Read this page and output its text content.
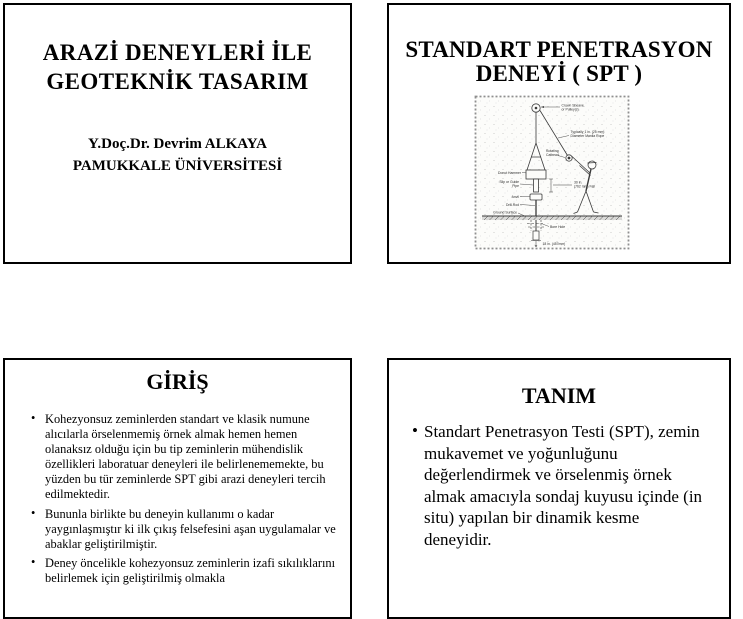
ARAZİ DENEYLERİ İLE
GEOTEKNİK TASARIM
Y.Doç.Dr. Devrim ALKAYA
PAMUKKALE ÜNİVERSİTESİ
STANDART PENETRASYON
DENEYİ ( SPT )
Crown Sheave
or Pulley(s)
Typically 1 in. (25 mm)
Diameter Manila Rope
Rotating
Cathead
Donut Hammer
Slip or Guide
Pipe
30 in.
(762 mm) Fall
Anvil
Drill Rod
Ground Surface
Bore Hole
18 in. (457mm)
GİRİŞ
• Kohezyonsuz zeminlerden standart ve klasik numune alıcılarla örselenmemiş örnek almak hemen hemen olanaksız olduğu için bu tip zeminlerin mühendislik özellikleri laboratuar deneyleri ile belirlenememekte, bu yüzden bu tür zeminlerde SPT gibi arazi deneyleri tercih edilmektedir.
• Bununla birlikte bu deneyin kullanımı o kadar yaygınlaşmıştır ki ilk çıkış felsefesini aşan uygulamalar ve abaklar geliştirilmiştir.
• Deney öncelikle kohezyonsuz zeminlerin izafi sıkılıklarını belirlemek için geliştirilmiş olmakla
TANIM
• Standart Penetrasyon Testi (SPT), zemin mukavemet ve yoğunluğunu değerlendirmek ve örselenmiş örnek almak amacıyla sondaj kuyusu içinde (in situ) yapılan bir dinamik kesme deneyidir.
